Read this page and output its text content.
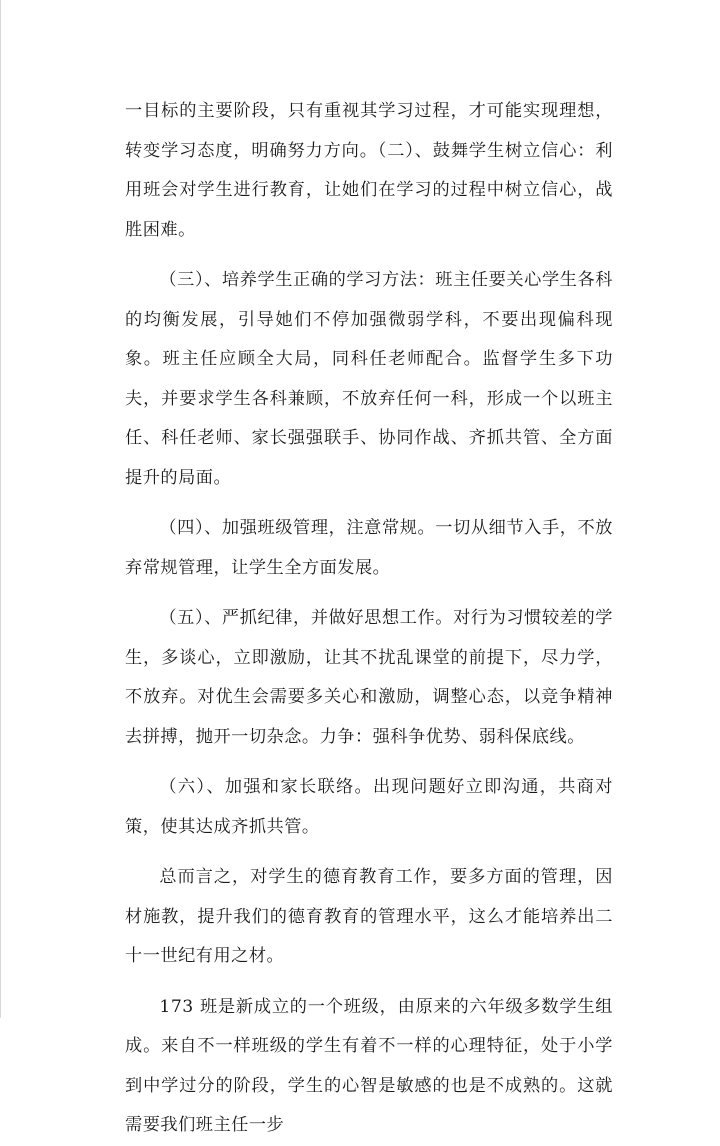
一目标的主要阶段，只有重视其学习过程，才可能实现理想，转变学习态度，明确努力方向。（二）、鼓舞学生树立信心：利用班会对学生进行教育，让她们在学习的过程中树立信心，战胜困难。

（三）、培养学生正确的学习方法：班主任要关心学生各科的均衡发展，引导她们不停加强微弱学科，不要出现偏科现象。班主任应顾全大局，同科任老师配合。监督学生多下功夫，并要求学生各科兼顾，不放弃任何一科，形成一个以班主任、科任老师、家长强强联手、协同作战、齐抓共管、全方面提升的局面。

（四）、加强班级管理，注意常规。一切从细节入手，不放弃常规管理，让学生全方面发展。

（五）、严抓纪律，并做好思想工作。对行为习惯较差的学生，多谈心，立即激励，让其不扰乱课堂的前提下，尽力学，不放弃。对优生会需要多关心和激励，调整心态，以竞争精神去拼搏，抛开一切杂念。力争：强科争优势、弱科保底线。

（六）、加强和家长联络。出现问题好立即沟通，共商对策，使其达成齐抓共管。

总而言之，对学生的德育教育工作，要多方面的管理，因材施教，提升我们的德育教育的管理水平，这么才能培养出二十一世纪有用之材。

173 班是新成立的一个班级，由原来的六年级多数学生组成。来自不一样班级的学生有着不一样的心理特征，处于小学到中学过分的阶段，学生的心智是敏感的也是不成熟的。这就需要我们班主任一步
